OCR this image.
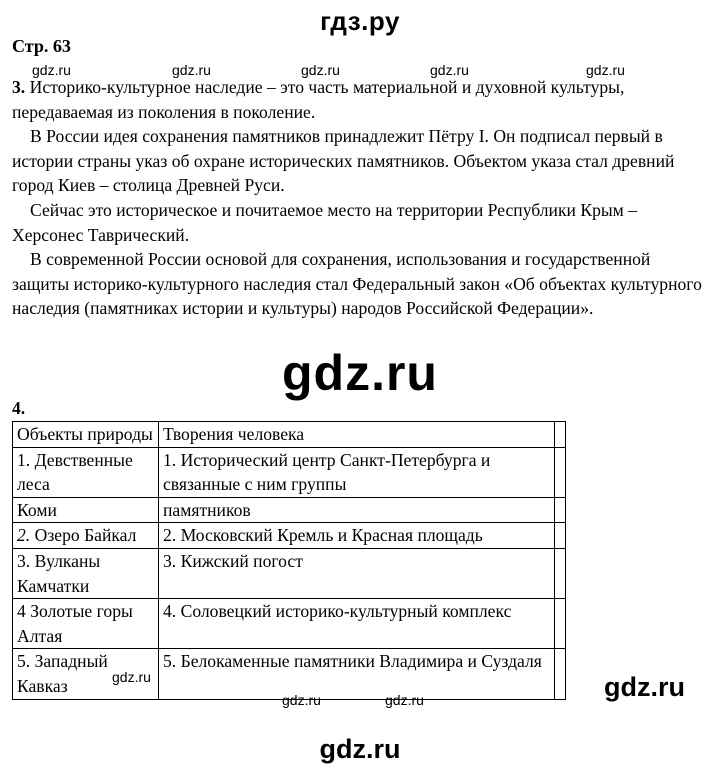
гдз.ру
Стр. 63

3. Историко-культурное наследие – это часть материальной и духовной культуры, передаваемая из поколения в поколение.

В России идея сохранения памятников принадлежит Пётру I. Он подписал первый в истории страны указ об охране исторических памятников. Объектом указа стал древний город Киев – столица Древней Руси.

Сейчас это историческое и почитаемое место на территории Республики Крым – Херсонес Таврический.

В современной России основой для сохранения, использования и государственной защиты историко-культурного наследия стал Федеральный закон «Об объектах культурного наследия (памятниках истории и культуры) народов Российской Федерации».

gdz.ru	gdz.ru	gdz.ru	gdz.ru	gdz.ru
gdz.ru
4.
Объекты природы	Творения человека	
1. Девственные леса	1. Исторический центр Санкт-Петербурга и связанные с ним группы	
Коми	памятников	
2. Озеро Байкал	2. Московский Кремль и Красная площадь	
3. Вулканы Камчатки	3. Кижский погост	
4 Золотые горы Алтая	4. Соловецкий историко-культурный комплекс	
5. Западный Кавказ	5. Белокаменные памятники Владимира и Суздаля	
gdz.ru
gdz.ru	gdz.ru	gdz.ru
gdz.ru
